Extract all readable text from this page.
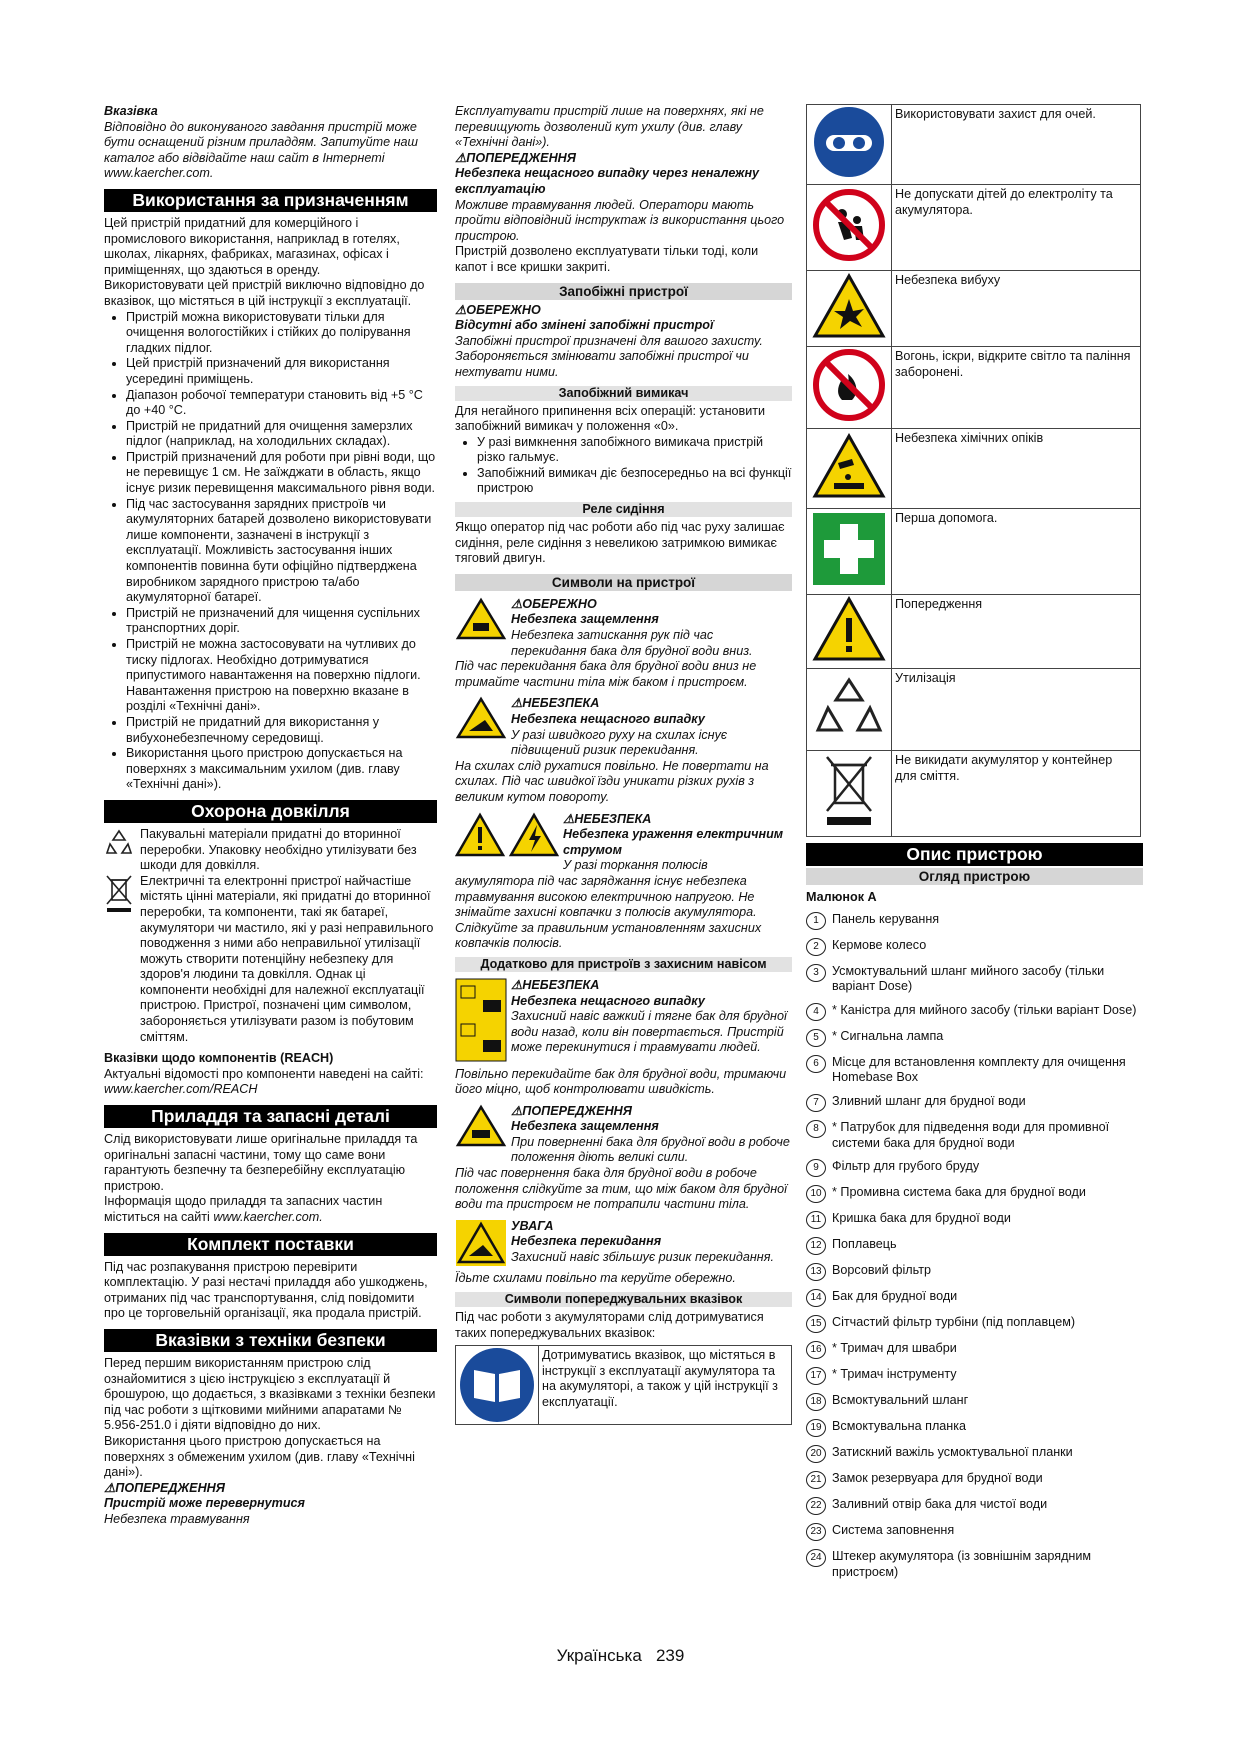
Вказівка

Відповідно до виконуваного завдання пристрій може бути оснащений різним приладдям. Запитуйте наш каталог або відвідайте наш сайт в Інтернеті www.kaercher.com.

Використання за призначенням

Цей пристрій придатний для комерційного і промислового використання, наприклад в готелях, школах, лікарнях, фабриках, магазинах, офісах і приміщеннях, що здаються в оренду.

Використовувати цей пристрій виключно відповідно до вказівок, що містяться в цій інструкції з експлуатації.

• Пристрій можна використовувати тільки для очищення вологостійких і стійких до полірування гладких підлог.
• Цей пристрій призначений для використання усередині приміщень.
• Діапазон робочої температури становить від +5 °C до +40 °C.
• Пристрій не придатний для очищення замерзлих підлог (наприклад, на холодильних складах).
• Пристрій призначений для роботи при рівні води, що не перевищує 1 см. Не заїжджати в область, якщо існує ризик перевищення максимального рівня води.
• Під час застосування зарядних пристроїв чи акумуляторних батарей дозволено використовувати лише компоненти, зазначені в інструкції з експлуатації. Можливість застосування інших компонентів повинна бути офіційно підтверджена виробником зарядного пристрою та/або акумуляторної батареї.
• Пристрій не призначений для чищення суспільних транспортних доріг.
• Пристрій не можна застосовувати на чутливих до тиску підлогах. Необхідно дотримуватися припустимого навантаження на поверхню підлоги. Навантаження пристрою на поверхню вказане в розділі «Технічні дані».
• Пристрій не придатний для використання у вибухонебезпечному середовищі.
• Використання цього пристрою допускається на поверхнях з максимальним ухилом (див. главу «Технічні дані»).
Охорона довкілля

Пакувальні матеріали придатні до вторинної переробки. Упаковку необхідно утилізувати без шкоди для довкілля.

Електричні та електронні пристрої найчастіше містять цінні матеріали, які придатні до вторинної переробки, та компоненти, такі як батареї, акумулятори чи мастило, які у разі неправильного поводження з ними або неправильної утилізації можуть створити потенційну небезпеку для здоров'я людини та довкілля. Однак ці компоненти необхідні для належної експлуатації пристрою. Пристрої, позначені цим символом, забороняється утилізувати разом із побутовим сміттям.

Вказівки щодо компонентів (REACH)

Актуальні відомості про компоненти наведені на сайті: www.kaercher.com/REACH

Приладдя та запасні деталі

Слід використовувати лише оригінальне приладдя та оригінальні запасні частини, тому що саме вони гарантують безпечну та безперебійну експлуатацію пристрою.

Інформація щодо приладдя та запасних частин міститься на сайті www.kaercher.com.

Комплект поставки

Під час розпакування пристрою перевірити комплектацію. У разі нестачі приладдя або ушкоджень, отриманих під час транспортування, слід повідомити про це торговельній організації, яка продала пристрій.

Вказівки з техніки безпеки

Перед першим використанням пристрою слід ознайомитися з цією інструкцією з експлуатації й брошурою, що додається, з вказівками з техніки безпеки під час роботи з щітковими мийними апаратами № 5.956-251.0 і діяти відповідно до них.

Використання цього пристрою допускається на поверхнях з обмеженим ухилом (див. главу «Технічні дані»).

⚠ПОПЕРЕДЖЕННЯ

Пристрій може перевернутися

Небезпека травмування

Експлуатувати пристрій лише на поверхнях, які не перевищують дозволений кут ухилу (див. главу «Технічні дані»).

⚠ПОПЕРЕДЖЕННЯ

Небезпека нещасного випадку через неналежну експлуатацію

Можливе травмування людей. Оператори мають пройти відповідний інструктаж із використання цього пристрою.

Пристрій дозволено експлуатувати тільки тоді, коли капот і все кришки закриті.

Запобіжні пристрої

⚠ОБЕРЕЖНО

Відсутні або змінені запобіжні пристрої

Запобіжні пристрої призначені для вашого захисту. Забороняється змінювати запобіжні пристрої чи нехтувати ними.

Запобіжний вимикач

Для негайного припинення всіх операцій: установити запобіжний вимикач у положення «0».

• У разі вимкнення запобіжного вимикача пристрій різко гальмує.
• Запобіжний вимикач діє безпосередньо на всі функції пристрою
Реле сидіння

Якщо оператор під час роботи або під час руху залишає сидіння, реле сидіння з невеликою затримкою вимикає тяговий двигун.

Символи на пристрої

⚠ОБЕРЕЖНО

Небезпека защемлення

Небезпека затискання рук під час перекидання бака для брудної води вниз.

Під час перекидання бака для брудної води вниз не тримайте частини тіла між баком і пристроєм.

⚠НЕБЕЗПЕКА

Небезпека нещасного випадку

У разі швидкого руху на схилах існує підвищений ризик перекидання.

На схилах слід рухатися повільно. Не повертати на схилах. Під час швидкої їзди уникати різких рухів з великим кутом повороту.

⚠НЕБЕЗПЕКА

Небезпека ураження електричним струмом

У разі торкання полюсів

акумулятора під час заряджання існує небезпека травмування високою електричною напругою. Не знімайте захисні ковпачки з полюсів акумулятора. Слідкуйте за правильним установленням захисних ковпачків полюсів.

Додатково для пристроїв з захисним навісом

⚠НЕБЕЗПЕКА

Небезпека нещасного випадку

Захисний навіс важкий і тягне бак для брудної води назад, коли він повертається. Пристрій може перекинутися і травмувати людей.

Повільно перекидайте бак для брудної води, тримаючи його міцно, щоб контролювати швидкість.

⚠ПОПЕРЕДЖЕННЯ

Небезпека защемлення

При поверненні бака для брудної води в робоче положення діють великі сили.

Під час повернення бака для брудної води в робоче положення слідкуйте за тим, що між баком для брудної води та пристроєм не потрапили частини тіла.

УВАГА

Небезпека перекидання

Захисний навіс збільшує ризик перекидання.

Їдьте схилами повільно та керуйте обережно.

Символи попереджувальних вказівок

Під час роботи з акумуляторами слід дотримуватися таких попереджувальних вказівок:

Дотримуватись вказівок, що містяться в інструкції з експлуатації акумулятора та на акумуляторі, а також у цій інструкції з експлуатації.
	Використовувати захист для очей.
	Не допускати дітей до електроліту та акумулятора.
	Небезпека вибуху
	Вогонь, іскри, відкрите світло та паління заборонені.
	Небезпека хімічних опіків
	Перша допомога.
	Попередження
	Утилізація
	Не викидати акумулятор у контейнер для сміття.
Опис пристрою
Огляд пристрою

Малюнок A

1	Панель керування
2	Кермове колесо
3	Усмоктувальний шланг мийного засобу (тільки варіант Dose)
4	* Каністра для мийного засобу (тільки варіант Dose)
5	* Сигнальна лампа
6	Місце для встановлення комплекту для очищення Homebase Box
7	Зливний шланг для брудної води
8	* Патрубок для підведення води для промивної системи бака для брудної води
9	Фільтр для грубого бруду
10 * Промивна система бака для брудної води
11 Кришка бака для брудної води
12 Поплавець
13 Ворсовий фільтр
14 Бак для брудної води
15 Сітчастий фільтр турбіни (під поплавцем)
16 * Тримач для швабри
17 * Тримач інструменту
18 Всмоктувальний шланг
19 Всмоктувальна планка
20 Затискний важіль усмоктувальної планки
21 Замок резервуара для брудної води
22 Заливний отвір бака для чистої води
23 Система заповнення
24 Штекер акумулятора (із зовнішнім зарядним пристроєм)
Українська 239
